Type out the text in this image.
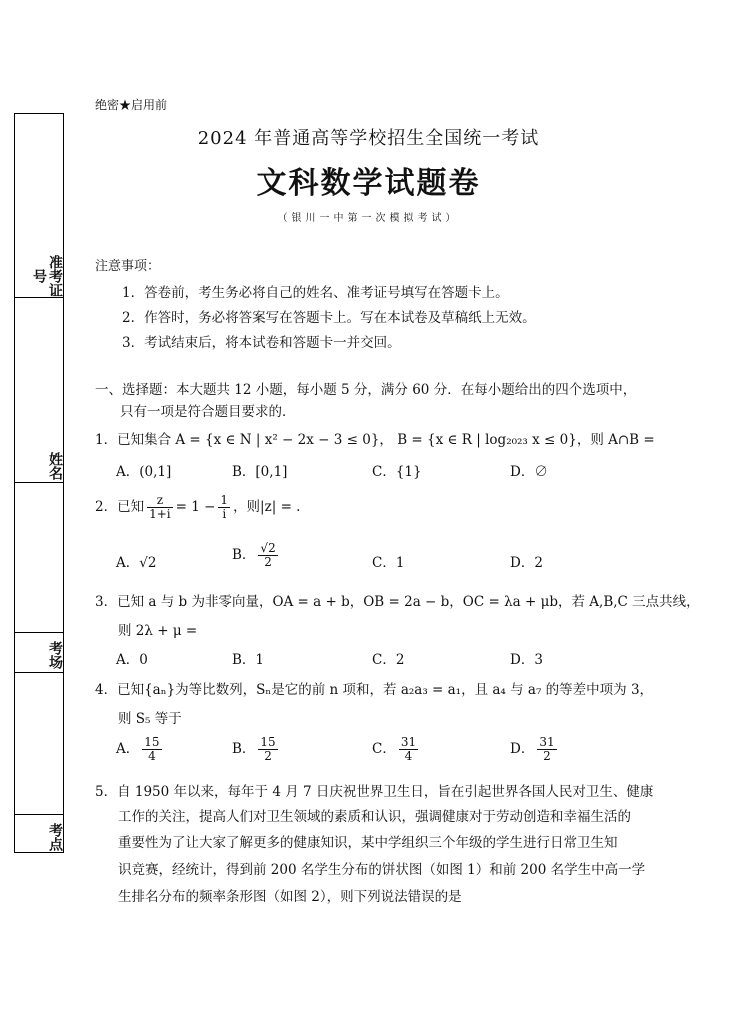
准考证号
姓名
考场
考点
绝密★启用前
2024 年普通高等学校招生全国统一考试
文科数学试题卷
（银川一中第一次模拟考试）
注意事项：
1．答卷前，考生务必将自己的姓名、准考证号填写在答题卡上。
2．作答时，务必将答案写在答题卡上。写在本试卷及草稿纸上无效。
3．考试结束后，将本试卷和答题卡一并交回。
一、选择题：本大题共 12 小题，每小题 5 分，满分 60 分．在每小题给出的四个选项中，
只有一项是符合题目要求的．
1．已知集合 A = {x ∈ N | x² − 2x − 3 ≤ 0}， B = {x ∈ R | log₂₀₂₃ x ≤ 0}，则 A∩B =
A．(0,1]	B．[0,1]	C．{1}	D．∅
2．已知 $\frac{z}{1+i} = 1 - \frac{1}{i}$ ，则|z| = .
A．√2	B． $\frac{√2}{2}$	C．1	D．2
3．已知 a 与 b 为非零向量，OA = a + b，OB = 2a − b，OC = λa + μb，若 A,B,C 三点共线，
则 2λ + μ =
A．0	B．1	C．2	D．3
4．已知{aₙ}为等比数列，Sₙ是它的前 n 项和，若 a₂a₃ = a₁，且 a₄ 与 a₇ 的等差中项为 3，
则 S₅ 等于
A． $\frac{15}{4}$	B． $\frac{15}{2}$	C． $\frac{31}{4}$	D． $\frac{31}{2}$
5．自 1950 年以来，每年于 4 月 7 日庆祝世界卫生日，旨在引起世界各国人民对卫生、健康
工作的关注，提高人们对卫生领域的素质和认识，强调健康对于劳动创造和幸福生活的
重要性为了让大家了解更多的健康知识，某中学组织三个年级的学生进行日常卫生知
识竞赛，经统计，得到前 200 名学生分布的饼状图（如图 1）和前 200 名学生中高一学
生排名分布的频率条形图（如图 2），则下列说法错误的是
